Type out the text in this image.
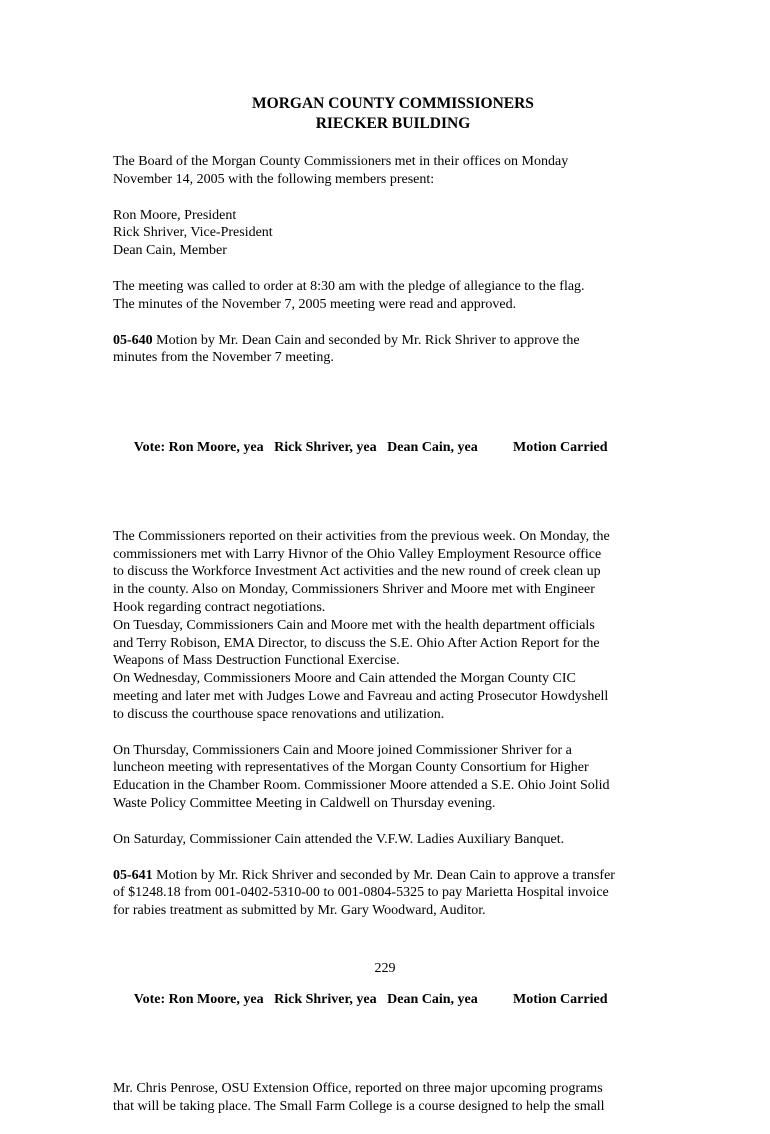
MORGAN COUNTY COMMISSIONERS
RIECKER BUILDING
The Board of the Morgan County Commissioners met in their offices on Monday
November 14, 2005 with the following members present:
Ron Moore, President
Rick Shriver, Vice-President
Dean Cain, Member
The meeting was called to order at 8:30 am with the pledge of allegiance to the flag.
The minutes of the November 7, 2005 meeting were read and approved.
05-640 Motion by Mr. Dean Cain and seconded by Mr. Rick Shriver to approve the
minutes from the November 7 meeting.

Vote: Ron Moore, yea   Rick Shriver, yea   Dean Cain, yea	Motion Carried

The Commissioners reported on their activities from the previous week. On Monday, the
commissioners met with Larry Hivnor of the Ohio Valley Employment Resource office
to discuss the Workforce Investment Act activities and the new round of creek clean up
in the county. Also on Monday, Commissioners Shriver and Moore met with Engineer
Hook regarding contract negotiations.
On Tuesday, Commissioners Cain and Moore met with the health department officials
and Terry Robison, EMA Director, to discuss the S.E. Ohio After Action Report for the
Weapons of Mass Destruction Functional Exercise.
On Wednesday, Commissioners Moore and Cain attended the Morgan County CIC
meeting and later met with Judges Lowe and Favreau and acting Prosecutor Howdyshell
to discuss the courthouse space renovations and utilization.
On Thursday, Commissioners Cain and Moore joined Commissioner Shriver for a
luncheon meeting with representatives of the Morgan County Consortium for Higher
Education in the Chamber Room. Commissioner Moore attended a S.E. Ohio Joint Solid
Waste Policy Committee Meeting in Caldwell on Thursday evening.
On Saturday, Commissioner Cain attended the V.F.W. Ladies Auxiliary Banquet.
05-641 Motion by Mr. Rick Shriver and seconded by Mr. Dean Cain to approve a transfer
of $1248.18 from 001-0402-5310-00 to 001-0804-5325 to pay Marietta Hospital invoice
for rabies treatment as submitted by Mr. Gary Woodward, Auditor.

Vote: Ron Moore, yea   Rick Shriver, yea   Dean Cain, yea	Motion Carried

Mr. Chris Penrose, OSU Extension Office, reported on three major upcoming programs
that will be taking place. The Small Farm College is a course designed to help the small
229
